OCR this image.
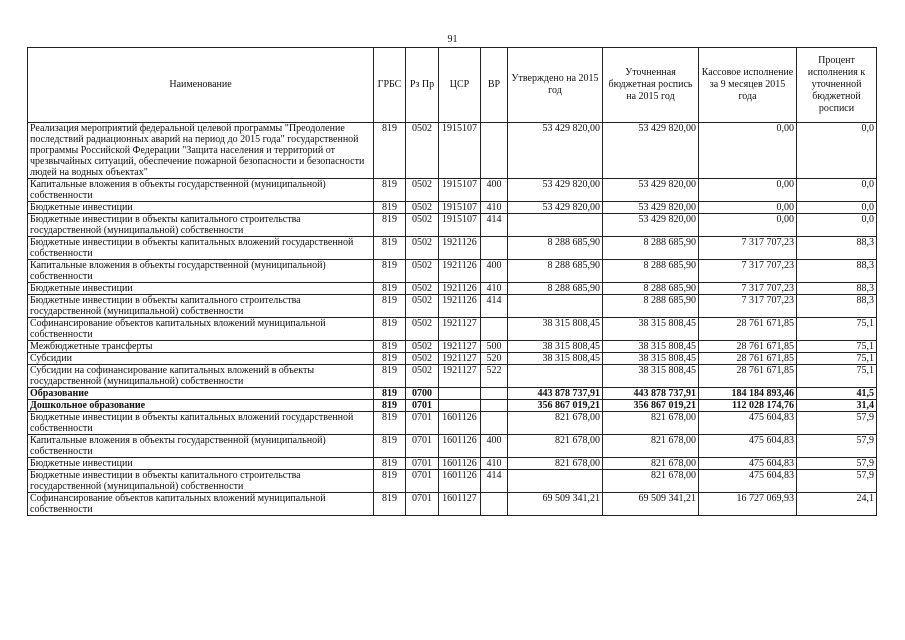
91
Наименование	ГРБС	Рз Пр	ЦСР	ВР	Утверждено на 2015 год	Уточненная бюджетная роспись на 2015 год	Кассовое исполнение за 9 месяцев 2015 года	Процент исполнения к уточненной бюджетной росписи
Реализация мероприятий федеральной целевой программы "Преодоление последствий радиационных аварий на период до 2015 года" государственной программы Российской Федерации "Защита населения и территорий от чрезвычайных ситуаций, обеспечение пожарной безопасности и безопасности людей на водных объектах"	819	0502	1915107		53 429 820,00	53 429 820,00	0,00	0,0
Капитальные вложения в объекты государственной (муниципальной) собственности	819	0502	1915107	400	53 429 820,00	53 429 820,00	0,00	0,0
Бюджетные инвестиции	819	0502	1915107	410	53 429 820,00	53 429 820,00	0,00	0,0
Бюджетные инвестиции в объекты капитального строительства государственной (муниципальной) собственности	819	0502	1915107	414		53 429 820,00	0,00	0,0
Бюджетные инвестиции в объекты капитальных вложений государственной собственности	819	0502	1921126		8 288 685,90	8 288 685,90	7 317 707,23	88,3
Капитальные вложения в объекты государственной (муниципальной) собственности	819	0502	1921126	400	8 288 685,90	8 288 685,90	7 317 707,23	88,3
Бюджетные инвестиции	819	0502	1921126	410	8 288 685,90	8 288 685,90	7 317 707,23	88,3
Бюджетные инвестиции в объекты капитального строительства государственной (муниципальной) собственности	819	0502	1921126	414		8 288 685,90	7 317 707,23	88,3
Софинансирование объектов капитальных вложений муниципальной собственности	819	0502	1921127		38 315 808,45	38 315 808,45	28 761 671,85	75,1
Межбюджетные трансферты	819	0502	1921127	500	38 315 808,45	38 315 808,45	28 761 671,85	75,1
Субсидии	819	0502	1921127	520	38 315 808,45	38 315 808,45	28 761 671,85	75,1
Субсидии на софинансирование капитальных вложений в объекты государственной (муниципальной) собственности	819	0502	1921127	522		38 315 808,45	28 761 671,85	75,1
Образование	819	0700			443 878 737,91	443 878 737,91	184 184 893,46	41,5
Дошкольное образование	819	0701			356 867 019,21	356 867 019,21	112 028 174,76	31,4
Бюджетные инвестиции в объекты капитальных вложений государственной собственности	819	0701	1601126		821 678,00	821 678,00	475 604,83	57,9
Капитальные вложения в объекты государственной (муниципальной) собственности	819	0701	1601126	400	821 678,00	821 678,00	475 604,83	57,9
Бюджетные инвестиции	819	0701	1601126	410	821 678,00	821 678,00	475 604,83	57,9
Бюджетные инвестиции в объекты капитального строительства государственной (муниципальной) собственности	819	0701	1601126	414		821 678,00	475 604,83	57,9
Софинансирование объектов капитальных вложений муниципальной собственности	819	0701	1601127		69 509 341,21	69 509 341,21	16 727 069,93	24,1
